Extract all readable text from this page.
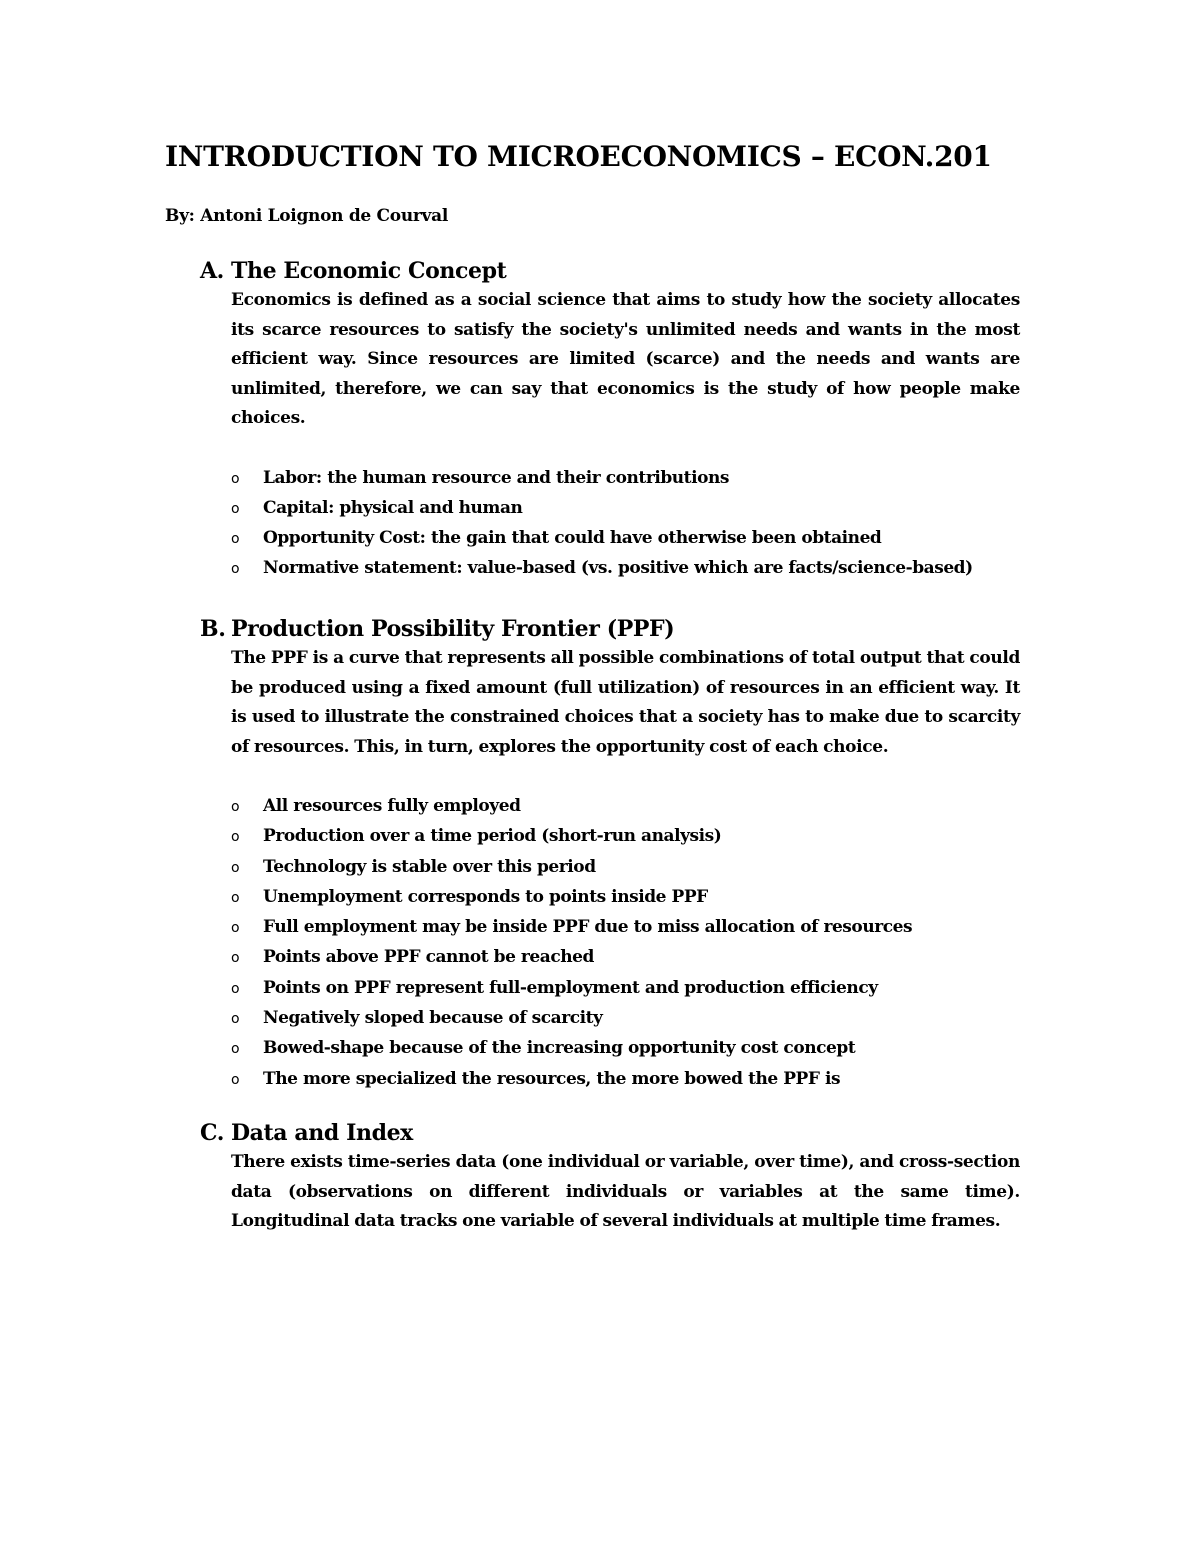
INTRODUCTION TO MICROECONOMICS – ECON.201
By: Antoni Loignon de Courval
A. The Economic Concept
Economics is defined as a social science that aims to study how the society allocates its scarce resources to satisfy the society's unlimited needs and wants in the most efficient way. Since resources are limited (scarce) and the needs and wants are unlimited, therefore, we can say that economics is the study of how people make choices.
o	Labor : the human resource and their contributions
o	Capital : physical and human
o	Opportunity Cost : the gain that could have otherwise been obtained
o	Normative statement : value-based (vs. positive which are facts/science-based)
B. Production Possibility Frontier (PPF)
The PPF is a curve that represents all possible combinations of total output that could be produced using a fixed amount (full utilization) of resources in an efficient way. It is used to illustrate the constrained choices that a society has to make due to scarcity of resources. This, in turn, explores the opportunity cost of each choice.
o	All resources fully employed
o	Production over a time period (short-run analysis)
o	Technology is stable over this period
o	Unemployment corresponds to points inside PPF
o	Full employment may be inside PPF due to miss allocation of resources
o	Points above PPF cannot be reached
o	Points on PPF represent full-employment and production efficiency
o	Negatively sloped because of scarcity
o	Bowed-shape because of the increasing opportunity cost concept
o	The more specialized the resources, the more bowed the PPF is
C. Data and Index
There exists time-series data (one individual or variable, over time), and cross-section data (observations on different individuals or variables at the same time). Longitudinal data tracks one variable of several individuals at multiple time frames.
